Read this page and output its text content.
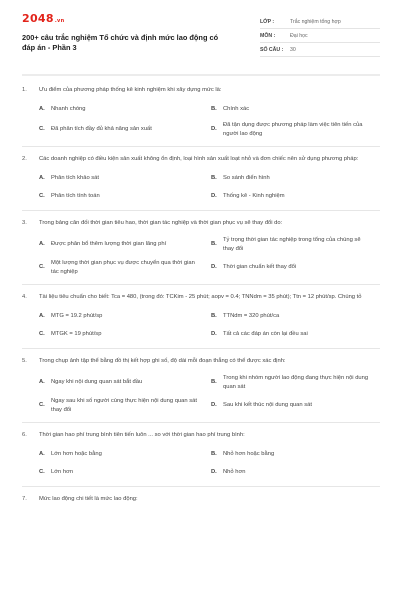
2048.vn
200+ câu trắc nghiệm Tổ chức và định mức lao động có đáp án - Phần 3
LỚP :	Trắc nghiệm tổng hợp
MÔN :	Đại học
SỐ CÂU :	30
1.	Ưu điểm của phương pháp thống kê kinh nghiệm khi xây dựng mức là:
A.	Nhanh chóng	B.	Chính xác
C.	Đã phân tích đầy đủ khả năng sản xuất	D.
Đã tận dụng được phương pháp làm việc tiên tiến của người lao động
2.	Các doanh nghiệp có điều kiện sản xuất không ổn định, loại hình sản xuất loạt nhỏ và đơn chiếc nên sử dụng phương pháp:
A.	Phân tích khảo sát	B.	So sánh điển hình
C.	Phân tích tính toán	D.	Thống kê - Kinh nghiệm
3.	Trong bảng cân đối thời gian tiêu hao, thời gian tác nghiệp và thời gian phục vụ sẽ thay đổi do:
A.	Được phân bổ thêm lượng thời gian lãng phí	B.
Tỷ trọng thời gian tác nghiệp trong tổng của chúng sẽ thay đổi
C.
Một lượng thời gian phục vụ được chuyển qua thời gian tác nghiệp
D.	Thời gian chuẩn kết thay đổi
4.	Tài liệu tiêu chuẩn cho biết: Tca = 480, (trong đó: TCKim - 25 phút; aopv = 0.4; TNNdm = 35 phút); Ttn = 12 phút/sp. Chúng tỏ
A.	MTG = 19.2 phút/sp	B.	TTNdm = 320 phút/ca
C.	MTGK = 19 phút/sp	D.	Tất cả các đáp án còn lại đều sai
5.	Trong chụp ảnh tập thể bằng đồ thị kết hợp ghi số, độ dài mỗi đoạn thẳng có thể được xác định:
A.	Ngay khi nội dung quan sát bắt đầu	B.
Trong khi nhóm người lao động đang thực hiện nội dung quan sát
C.
Ngay sau khi số người cùng thực hiện nội dung quan sát thay đổi
D.	Sau khi kết thúc nội dung quan sát
6.	Thời gian hao phí trung bình tiên tiến luôn ... so với thời gian hao phí trung bình:
A.	Lớn hơn hoặc bằng	B.	Nhỏ hơn hoặc bằng
C.	Lớn hơn	D.	Nhỏ hơn
7.	Mức lao động chi tiết là mức lao động:
